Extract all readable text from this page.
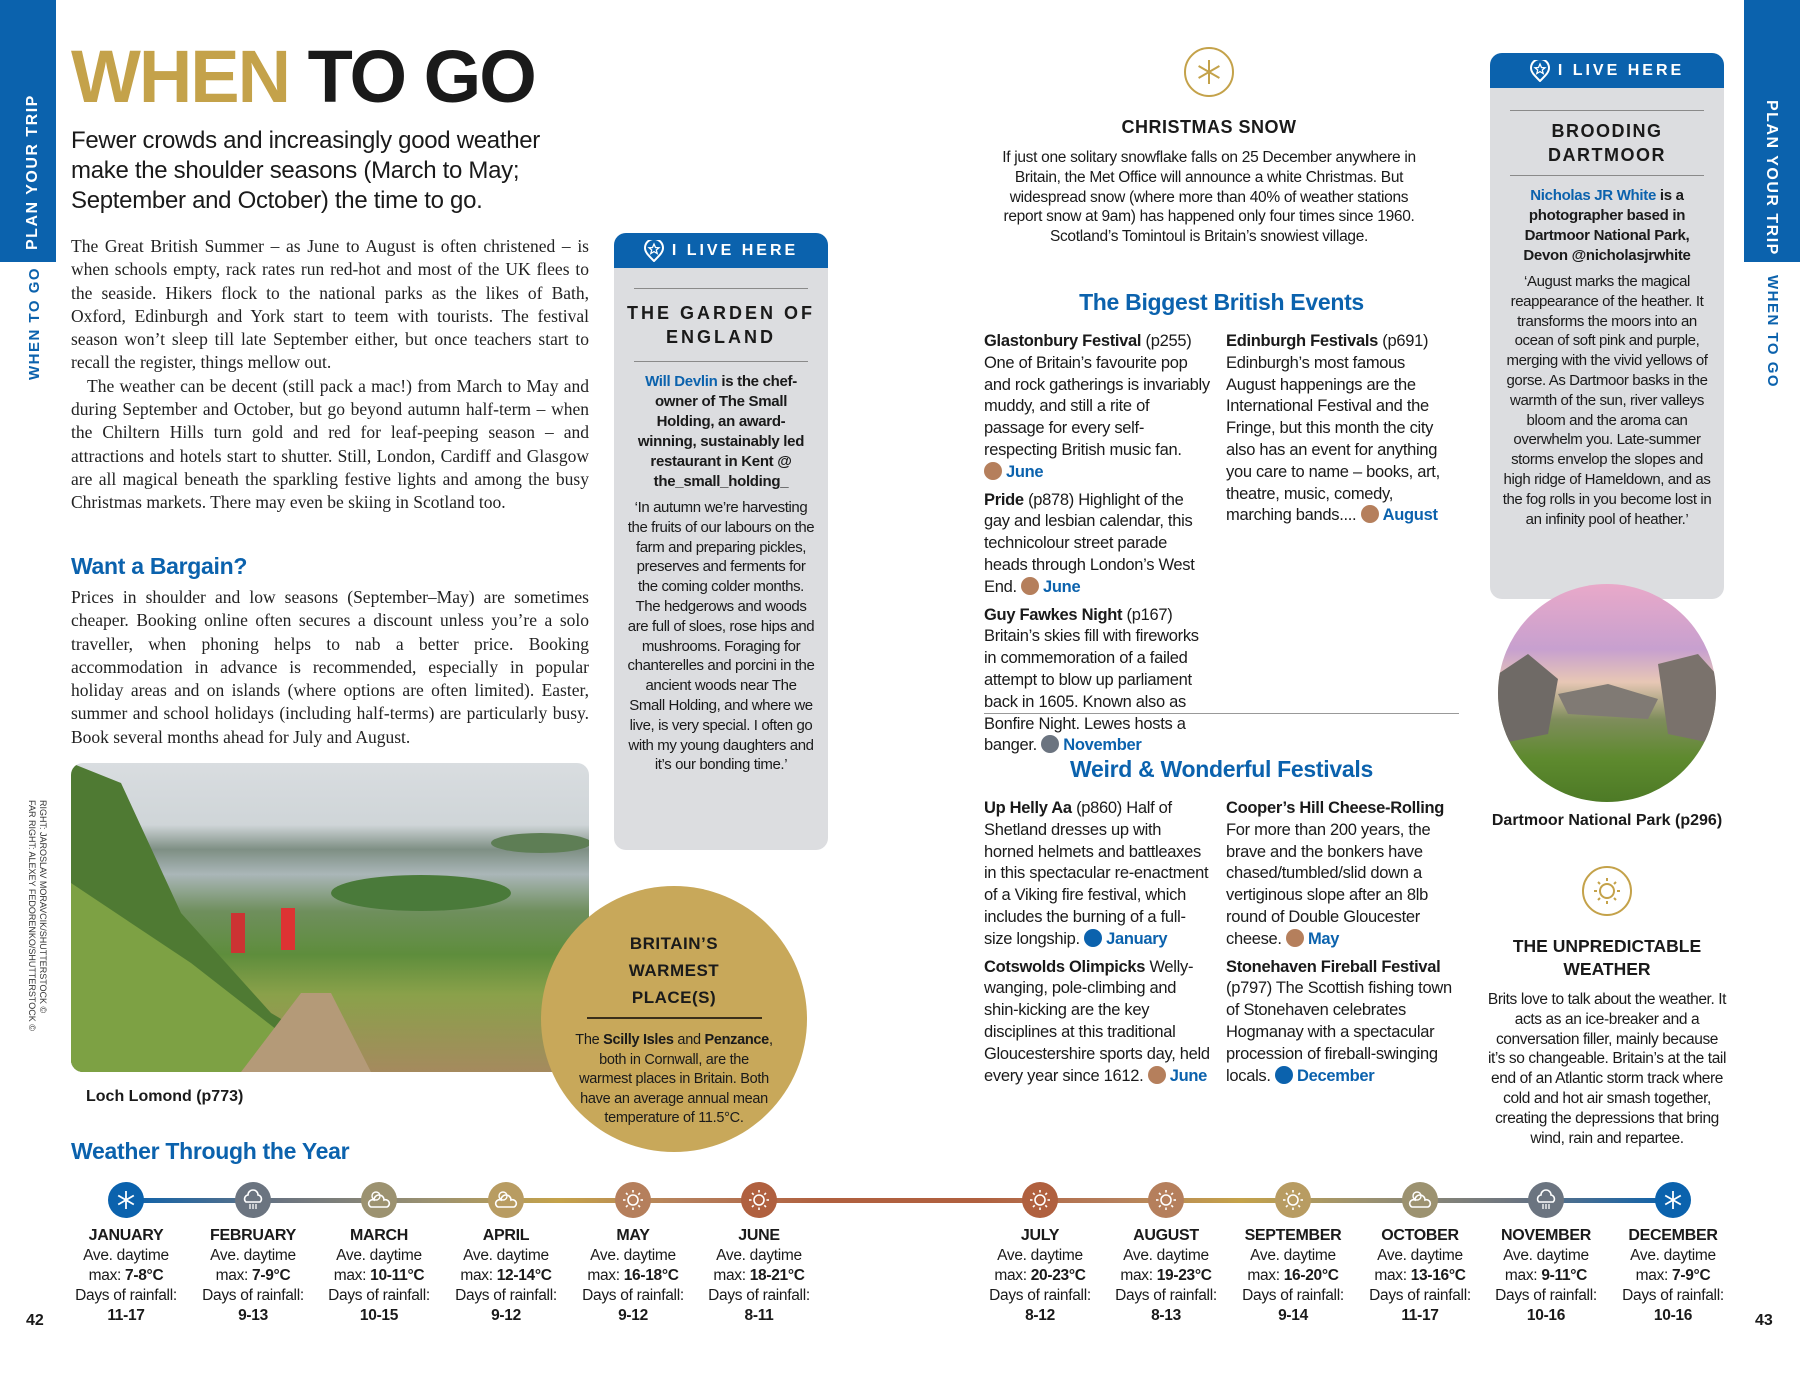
PLAN YOUR TRIP
WHEN TO GO
PLAN YOUR TRIP
WHEN TO GO
WHEN TO GO
Fewer crowds and increasingly good weather make the shoulder seasons (March to May; September and October) the time to go.

The Great British Summer – as June to August is often christened – is when schools empty, rack rates run red-hot and most of the UK flees to the seaside. Hikers flock to the national parks as the likes of Bath, Oxford, Edinburgh and York start to teem with tourists. The festival season won’t sleep till late September either, but once teachers start to recall the register, things mellow out.

The weather can be decent (still pack a mac!) from March to May and during September and October, but go beyond autumn half-term – when the Chiltern Hills turn gold and red for leaf-peeping season – and attractions and hotels start to shutter. Still, London, Cardiff and Glasgow are all magical beneath the sparkling festive lights and among the busy Christmas markets. There may even be skiing in Scotland too.

Want a Bargain?
Prices in shoulder and low seasons (September–May) are sometimes cheaper. Booking online often secures a discount unless you’re a solo traveller, when phoning helps to nab a better price. Booking accommodation in advance is recommended, especially in popular holiday areas and on islands (where options are often limited). Easter, summer and school holidays (including half-terms) are particularly busy. Book several months ahead for July and August.
Loch Lomond (p773)
RIGHT: JAROSLAV MORAVCIK/SHUTTERSTOCK ©
FAR RIGHT: ALEXEY FEDORENKO/SHUTTERSTOCK ©
I LIVE HERE
THE GARDEN OF ENGLAND
Will Devlin is the chef-owner of The Small Holding, an award-winning, sustainably led restaurant in Kent @ the_small_holding_
‘In autumn we’re harvesting the fruits of our labours on the farm and preparing pickles, preserves and ferments for the coming colder months. The hedgerows and woods are full of sloes, rose hips and mushrooms. Foraging for chanterelles and porcini in the ancient woods near The Small Holding, and where we live, is very special. I often go with my young daughters and it’s our bonding time.’
BRITAIN’S WARMEST PLACE(S)
The Scilly Isles and Penzance, both in Cornwall, are the warmest places in Britain. Both have an average annual mean temperature of 11.5°C.
CHRISTMAS SNOW
If just one solitary snowflake falls on 25 December anywhere in Britain, the Met Office will announce a white Christmas. But widespread snow (where more than 40% of weather stations report snow at 9am) has happened only four times since 1960. Scotland’s Tomintoul is Britain’s snowiest village.
The Biggest British Events
Glastonbury Festival (p255) One of Britain’s favourite pop and rock gatherings is invariably muddy, and still a rite of passage for every self-respecting British music fan. June
Pride (p878) Highlight of the gay and lesbian calendar, this technicolour street parade heads through London’s West End. June
Guy Fawkes Night (p167) Britain’s skies fill with fireworks in commemoration of a failed attempt to blow up parliament back in 1605. Known also as Bonfire Night. Lewes hosts a banger. November
Edinburgh Festivals (p691) Edinburgh’s most famous August happenings are the International Festival and the Fringe, but this month the city also has an event for anything you care to name – books, art, theatre, music, comedy, marching bands.... August
Weird & Wonderful Festivals
Up Helly Aa (p860) Half of Shetland dresses up with horned helmets and battleaxes in this spectacular re-enactment of a Viking fire festival, which includes the burning of a full-size longship. January
Cotswolds Olimpicks Welly-wanging, pole-climbing and shin-kicking are the key disciplines at this traditional Gloucestershire sports day, held every year since 1612. June
Cooper’s Hill Cheese-Rolling For more than 200 years, the brave and the bonkers have chased/tumbled/slid down a vertiginous slope after an 8lb round of Double Gloucester cheese. May
Stonehaven Fireball Festival (p797) The Scottish fishing town of Stonehaven celebrates Hogmanay with a spectacular procession of fireball-swinging locals. December
I LIVE HERE
BROODING DARTMOOR
Nicholas JR White is a photographer based in Dartmoor National Park, Devon @nicholasjrwhite
‘August marks the magical reappearance of the heather. It transforms the moors into an ocean of soft pink and purple, merging with the vivid yellows of gorse. As Dartmoor basks in the warmth of the sun, river valleys bloom and the aroma can overwhelm you. Late-summer storms envelop the slopes and high ridge of Hameldown, and as the fog rolls in you become lost in an infinity pool of heather.’
Dartmoor National Park (p296)
THE UNPREDICTABLE WEATHER
Brits love to talk about the weather. It acts as an ice-breaker and a conversation filler, mainly because it’s so changeable. Britain’s at the tail end of an Atlantic storm track where cold and hot air smash together, creating the depressions that bring wind, rain and repartee.
Weather Through the Year
JANUARY
Ave. daytime
max: 7-8°C
Days of rainfall:
11-17
FEBRUARY
Ave. daytime
max: 7-9°C
Days of rainfall:
9-13
MARCH
Ave. daytime
max: 10-11°C
Days of rainfall:
10-15
APRIL
Ave. daytime
max: 12-14°C
Days of rainfall:
9-12
MAY
Ave. daytime
max: 16-18°C
Days of rainfall:
9-12
JUNE
Ave. daytime
max: 18-21°C
Days of rainfall:
8-11
JULY
Ave. daytime
max: 20-23°C
Days of rainfall:
8-12
AUGUST
Ave. daytime
max: 19-23°C
Days of rainfall:
8-13
SEPTEMBER
Ave. daytime
max: 16-20°C
Days of rainfall:
9-14
OCTOBER
Ave. daytime
max: 13-16°C
Days of rainfall:
11-17
NOVEMBER
Ave. daytime
max: 9-11°C
Days of rainfall:
10-16
DECEMBER
Ave. daytime
max: 7-9°C
Days of rainfall:
10-16
42	43
